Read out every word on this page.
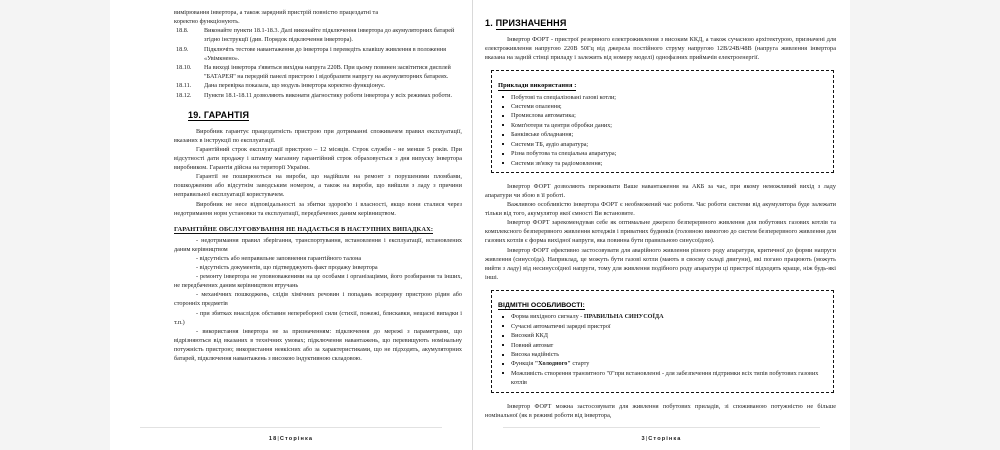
вимірювання інвертора, а також зарядний пристрій повністю працездатні та
коректно функціонують.
18.8.	Виконайте пункти 18.1-18.3. Далі виконайте підключення інвертора до акумуляторних батарей згідно інструкції (див. Порядок підключення інвертора).
18.9.	Підключіть тестове навантаження до інвертора і переведіть клавішу живлення в положення «Увімкнено».
18.10.	На виході інвертора з'явиться вихідна напруга 220В. При цьому повинен засвітитися дисплей "БАТАРЕЯ" на передній панелі пристрою і відобразити напругу на акумуляторних батареях.
18.11.	Дана перевірка показала, що модуль інвертора коректно функціонує.
18.12.	Пункти 18.1-18.11 дозволяють виконати діагностику роботи інвертора у всіх режимах роботи.
19. ГАРАНТІЯ
Виробник гарантує працездатність пристрою при дотриманні споживачем правил експлуатації, вказаних в інструкції по експлуатації.
Гарантійний строк експлуатації пристрою – 12 місяців. Строк служби - не менше 5 років. При відсутності дати продажу і штампу магазину гарантійний строк обраховується з дня випуску інвертора виробником. Гарантія дійсна на території України.
Гарантії не поширюються на вироби, що надійшли на ремонт з порушеними пломбами, пошкодженим або відсутнім заводським номером, а також на вироби, що вийшли з ладу з причини неправильної експлуатації користувачем.
Виробник не несе відповідальності за збитки здоров'ю і власності, якщо вони сталися через недотримання норм установки та експлуатації, передбачених даним керівництвом.
ГАРАНТІЙНЕ ОБСЛУГОВУВАННЯ НЕ НАДАЄТЬСЯ В НАСТУПНИХ ВИПАДКАХ:
- недотримання правил зберігання, транспортування, встановлення і експлуатації, встановлених даним керівництвом
- відсутність або неправильне заповнення гарантійного талона
- відсутність документів, що підтверджують факт продажу інвертора
- ремонту інвертора не уповноваженими на це особами і організаціями, його розбирання та інших, не передбачених даним керівництвом втручань
- механічних пошкоджень, слідів хімічних речовин і попадань всередину пристрою рідин або сторонніх предметів
- при збитках внаслідок обставин непереборної сили (стихії, пожежі, блискавки, нещасні випадки і т.п.)
- використання інвертора не за призначенням: підключення до мережі з параметрами, що відрізняються від вказаних в технічних умовах; підключення навантажень, що перевищують номінальну потужність пристрою; використання неякісних або за характеристиками, що не підходять, акумуляторних батарей, підключення навантажень з високою індуктивною складовою.
18|Сторінка
1. ПРИЗНАЧЕННЯ
Інвертор ФОРТ - пристрої резервного електроживлення з високим ККД, а також сучасною архітектурою, призначені для електроживлення напругою 220В 50Гц від джерела постійного струму напругою 12В/24В/48В (напруга живлення інвертора вказана на задній стінці приладу і залежить від номеру моделі) однофазних приймачів електроенергії.
Приклади використання :
Побутові та спеціалізовані газові котли;
Системи опалення;
Промислова автоматика;
Комп'ютери та центри обробки даних;
Банківське обладнання;
Системи ТБ, аудіо апаратура;
Різна побутова та спеціальна апаратура;
Системи зв'язку та радіомовлення;
Інвертор ФОРТ дозволяють переживати Ваше навантаження на АКБ за час, при якому неможливий вихід з ладу апаратури чи збою в її роботі.
Важливою особливістю інвертора ФОРТ є необмежений час роботи. Час роботи системи від акумулятора буде залежати тільки від того, акумулятор якої ємності Ви встановите.
Інвертор ФОРТ зарекомендував себе як оптимальне джерело безперервного живлення для побутових газових котлів та комплексного безперервного живлення котеджів і приватних будинків (головною вимогою до систем безперервного живлення для газових котлів є форма вихідної напруги, яка повинна бути правильною синусоїдою).
Інвертор ФОРТ ефективно застосовувати для аварійного живлення різного роду апаратури, критичної до форми напруги живлення (синусоїда). Наприклад, це можуть бути газові котли (мають в своєму складі двигуни), які погано працюють (можуть вийти з ладу) від несинусоїдної напруги, тому для живлення подібного роду апаратури ці пристрої підходять краще, ніж будь-які інші.
ВІДМІТНІ ОСОБЛИВОСТІ:
Форма вихідного сигналу - ПРАВИЛЬНА СИНУСОЇДА
Сучасні автоматичні зарядні пристрої
Високий ККД
Повний автомат
Висока надійність
Функція "Холодного" старту
Можливість створення транзитного "0"при встановленні - для забезпечення підтримки всіх типів побутових газових котлів
Інвертор ФОРТ можна застосовувати для живлення побутових приладів, зі споживаною потужністю не більше номінальної (як в режимі роботи від інвертора,
3|Сторінка
